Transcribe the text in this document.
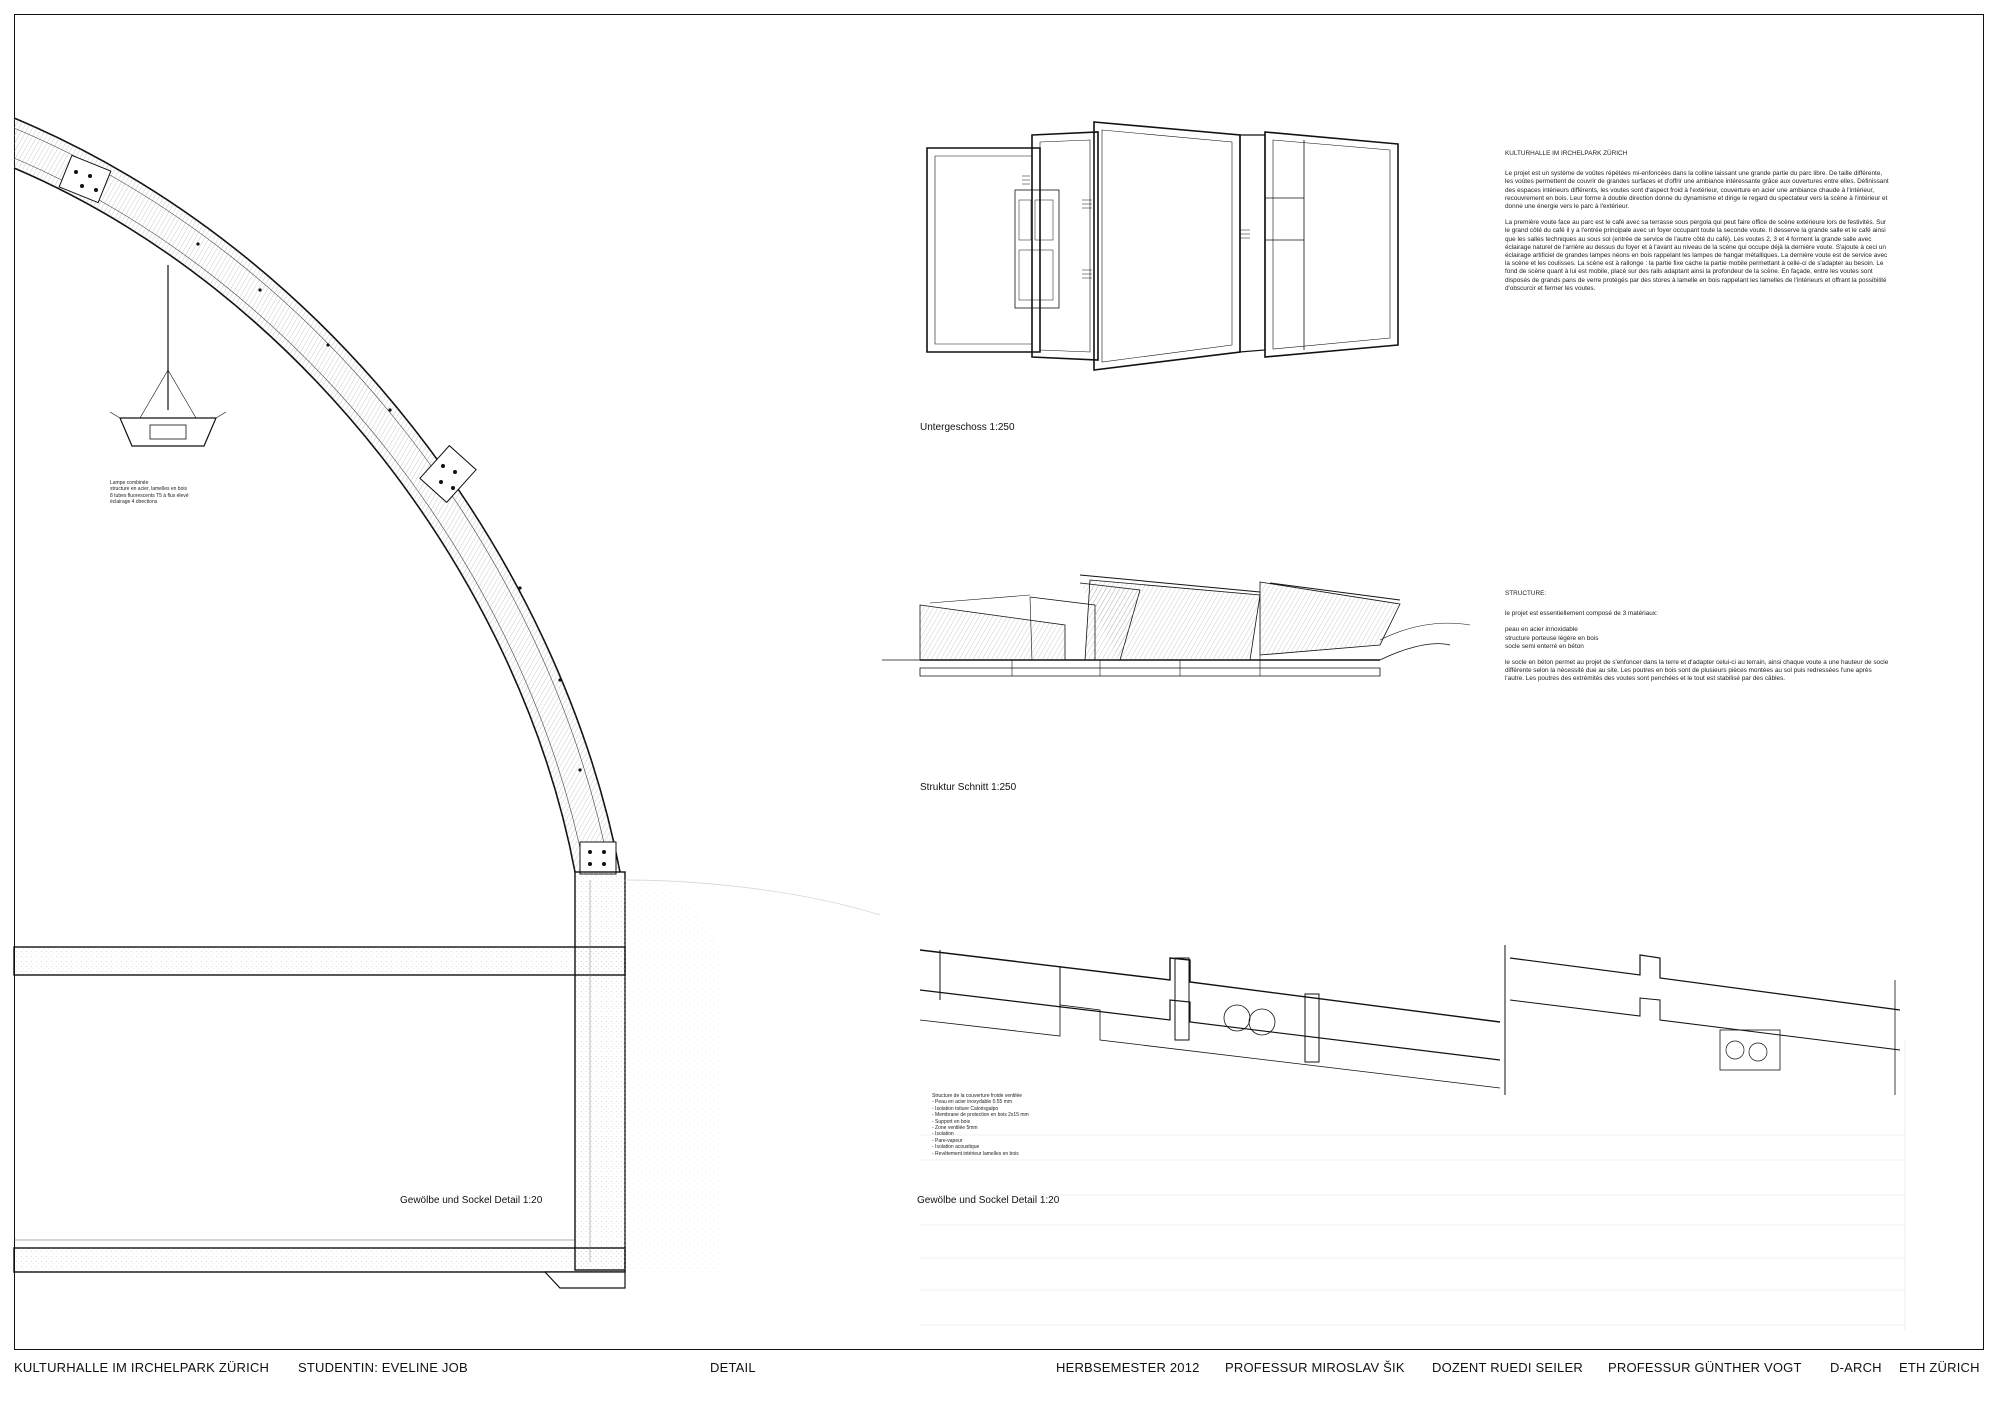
Gewölbe und Sockel Detail 1:20
Lampe combinée
structure en acier, lamelles en bois
8 tubes fluorescents T5 à flux élevé
éclairage 4 directions
Untergeschoss 1:250
Struktur Schnitt 1:250
Gewölbe und Sockel Detail 1:20
Structure de la couverture froide ventilée
- Peau en acier inoxydable 0.55 mm
- Isolation toiture Calorisgalpo
- Membrane de protection en bois 2x15 mm
- Support en bois
- Zone ventilée 5mm
- Isolation
- Pare-vapeur
- Isolation acoustique
- Revêtement intérieur lamelles en bois

KULTURHALLE IM IRCHELPARK ZÜRICH

Le projet est un système de voûtes répétées mi-enfoncées dans la colline laissant une grande partie du parc libre. De taille différente, les voûtes permettent de couvrir de grandes surfaces et d'offrir une ambiance intéressante grâce aux ouvertures entre elles. Définissant des espaces intérieurs différents, les voutes sont d'aspect froid à l'extérieur, couverture en acier une ambiance chaude à l'intérieur, recouvrement en bois. Leur forme à double direction donne du dynamisme et dirige le regard du spectateur vers la scène à l'intérieur et donne une énergie vers le parc à l'extérieur.

La première voute face au parc est le café avec sa terrasse sous pergola qui peut faire office de scène extérieure lors de festivités. Sur le grand côté du café il y a l'entrée principale avec un foyer occupant toute la seconde voute. Il desserve la grande salle et le café ainsi que les salles techniques au sous sol (entrée de service de l'autre côté du café). Les voutes 2, 3 et 4 forment la grande salle avec éclairage naturel de l'arrière au dessus du foyer et à l'avant au niveau de la scène qui occupe déjà la dernière voute. S'ajoute à ceci un éclairage artificiel de grandes lampes néons en bois rappelant les lampes de hangar métalliques. La dernière voute est de service avec la scène et les coulisses. La scène est à rallonge : la partie fixe cache la partie mobile permettant à celle-ci de s'adapter au besoin. Le fond de scène quant à lui est mobile, placé sur des rails adaptant ainsi la profondeur de la scène. En façade, entre les voutes sont disposés de grands pans de verre protégés par des stores à lamelle en bois rappelant les lamelles de l'intérieurs et offrant la possibilité d'obscurcir et fermer les voutes.

STRUCTURE:

le projet est essentiellement composé de 3 matériaux:

peau en acier innoxidable
structure porteuse légère en bois
socle semi enterré en béton

le socle en béton permet au projet de s'enfoncer dans la terre et d'adapter celui-ci au terrain, ainsi chaque voute a une hauteur de socle différente selon la nécessité due au site. Les poutres en bois sont de plusieurs pièces montées au sol puis redressées l'une après l'autre. Les poutres des extrémités des voutes sont penchées et le tout est stabilisé par des câbles.

KULTURHALLE IM IRCHELPARK ZÜRICH STUDENTIN: EVELINE JOB	DETAIL	HERBSEMESTER 2012 PROFESSUR MIROSLAV ŠIK DOZENT RUEDI SEILER PROFESSUR GÜNTHER VOGT D-ARCH ETH ZÜRICH
